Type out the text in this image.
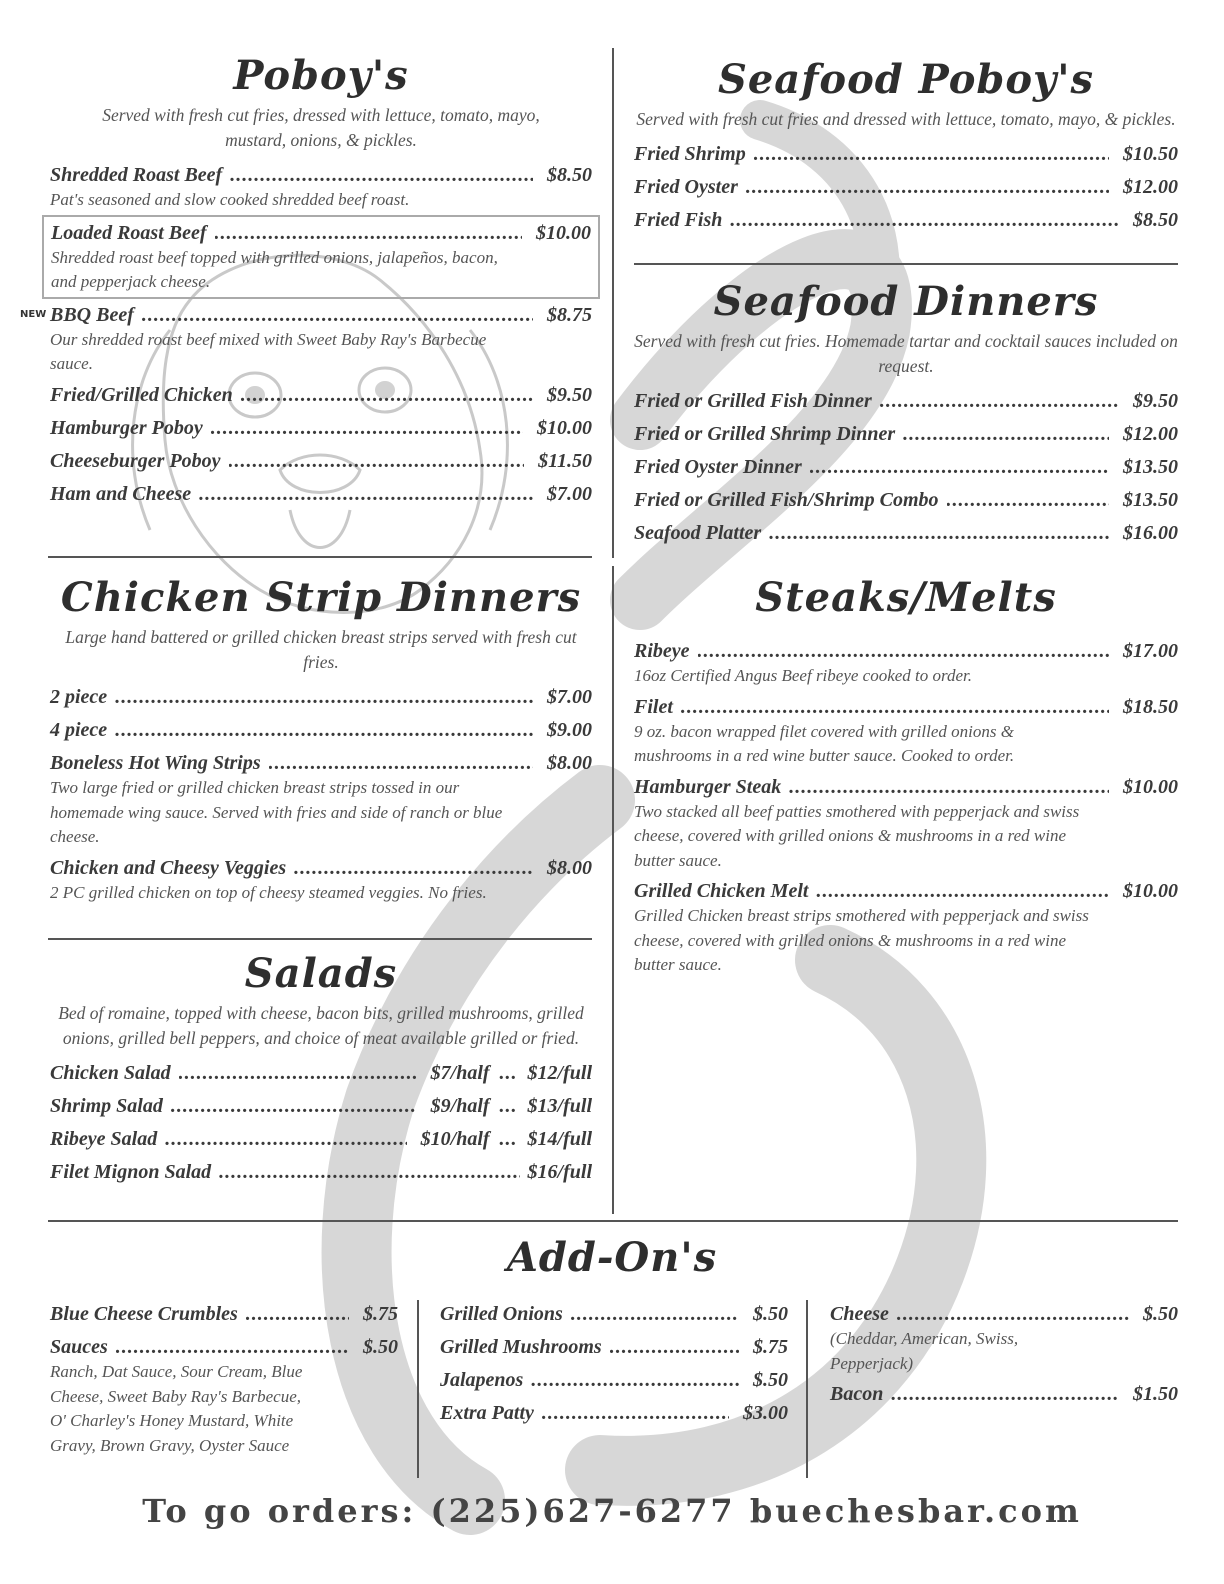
Poboy's

Served with fresh cut fries, dressed with lettuce, tomato, mayo, mustard, onions, & pickles.

Shredded Roast Beef .....	$8.50
Pat's seasoned and slow cooked shredded beef roast.
Loaded Roast Beef .....	$10.00
Shredded roast beef topped with grilled onions, jalapeños, bacon, and pepperjack cheese.
NEW BBQ Beef .....	$8.75
Our shredded roast beef mixed with Sweet Baby Ray's Barbecue sauce.
Fried/Grilled Chicken .....	$9.50
Hamburger Poboy .....	$10.00
Cheeseburger Poboy .....	$11.50
Ham and Cheese .....	$7.00
Seafood Poboy's

Served with fresh cut fries and dressed with lettuce, tomato, mayo, & pickles.

Fried Shrimp .....	$10.50
Fried Oyster .....	$12.00
Fried Fish .....	$8.50
Seafood Dinners

Served with fresh cut fries. Homemade tartar and cocktail sauces included on request.

Fried or Grilled Fish Dinner .....	$9.50
Fried or Grilled Shrimp Dinner .....	$12.00
Fried Oyster Dinner .....	$13.50
Fried or Grilled Fish/Shrimp Combo .....	$13.50
Seafood Platter .....	$16.00
Chicken Strip Dinners

Large hand battered or grilled chicken breast strips served with fresh cut fries.

2 piece .....	$7.00
4 piece .....	$9.00
Boneless Hot Wing Strips .....	$8.00
Two large fried or grilled chicken breast strips tossed in our homemade wing sauce. Served with fries and side of ranch or blue cheese.
Chicken and Cheesy Veggies .....	$8.00
2 PC grilled chicken on top of cheesy steamed veggies. No fries.
Steaks/Melts
Ribeye .....	$17.00
16oz Certified Angus Beef ribeye cooked to order.
Filet .....	$18.50
9 oz. bacon wrapped filet covered with grilled onions & mushrooms in a red wine butter sauce. Cooked to order.
Hamburger Steak .....	$10.00
Two stacked all beef patties smothered with pepperjack and swiss cheese, covered with grilled onions & mushrooms in a red wine butter sauce.
Grilled Chicken Melt .....	$10.00
Grilled Chicken breast strips smothered with pepperjack and swiss cheese, covered with grilled onions & mushrooms in a red wine butter sauce.
Salads

Bed of romaine, topped with cheese, bacon bits, grilled mushrooms, grilled onions, grilled bell peppers, and choice of meat available grilled or fried.

Chicken Salad .....	$7/half ... $12/full
Shrimp Salad .....	$9/half ... $13/full
Ribeye Salad .....	$10/half ... $14/full
Filet Mignon Salad .....	$16/full
Add-On's
Blue Cheese Crumbles .....	$.75
Sauces .....	$.50
Ranch, Dat Sauce, Sour Cream, Blue Cheese, Sweet Baby Ray's Barbecue, O' Charley's Honey Mustard, White Gravy, Brown Gravy, Oyster Sauce
Grilled Onions .....	$.50
Grilled Mushrooms .....	$.75
Jalapenos .....	$.50
Extra Patty .....	$3.00
Cheese .....	$.50
(Cheddar, American, Swiss, Pepperjack)
Bacon .....	$1.50
To go orders: (225)627-6277 buechesbar.com
